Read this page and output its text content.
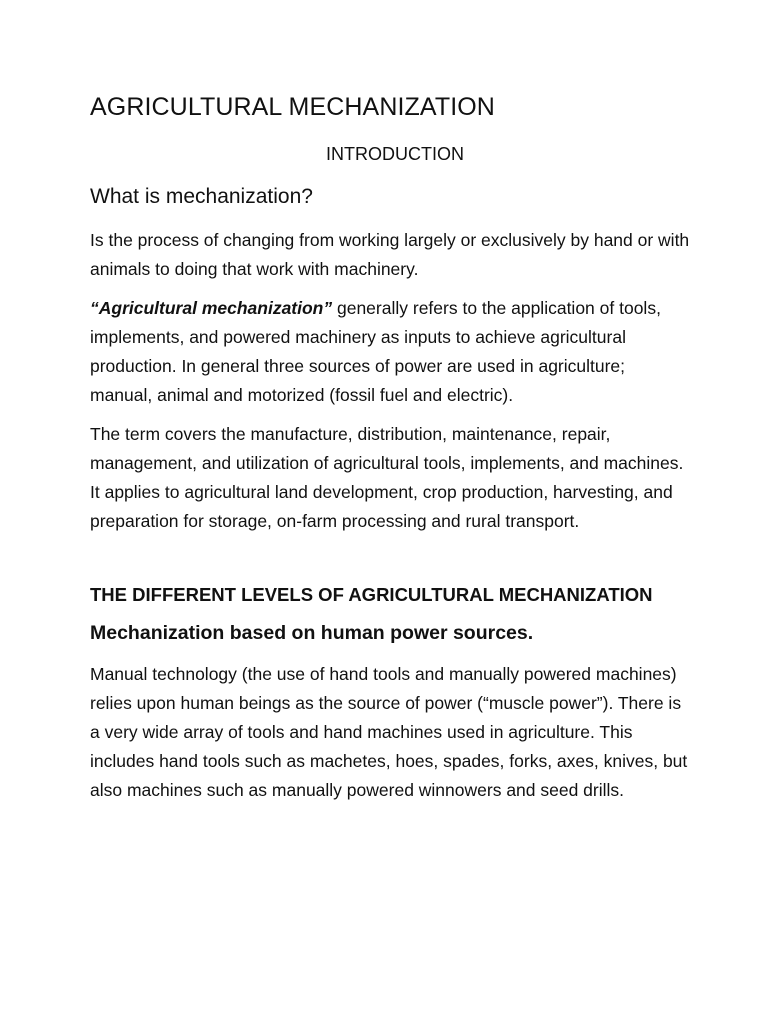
AGRICULTURAL MECHANIZATION
INTRODUCTION
What is mechanization?

Is the process of changing from working largely or exclusively by hand or with animals to doing that work with machinery.

“Agricultural mechanization” generally refers to the application of tools, implements, and powered machinery as inputs to achieve agricultural production. In general three sources of power are used in agriculture; manual, animal and motorized (fossil fuel and electric).

The term covers the manufacture, distribution, maintenance, repair, management, and utilization of agricultural tools, implements, and machines. It applies to agricultural land development, crop production, harvesting, and preparation for storage, on-farm processing and rural transport.

THE DIFFERENT LEVELS OF AGRICULTURAL MECHANIZATION
Mechanization based on human power sources.

Manual technology (the use of hand tools and manually powered machines) relies upon human beings as the source of power (“muscle power”). There is a very wide array of tools and hand machines used in agriculture. This includes hand tools such as machetes, hoes, spades, forks, axes, knives, but also machines such as manually powered winnowers and seed drills.
